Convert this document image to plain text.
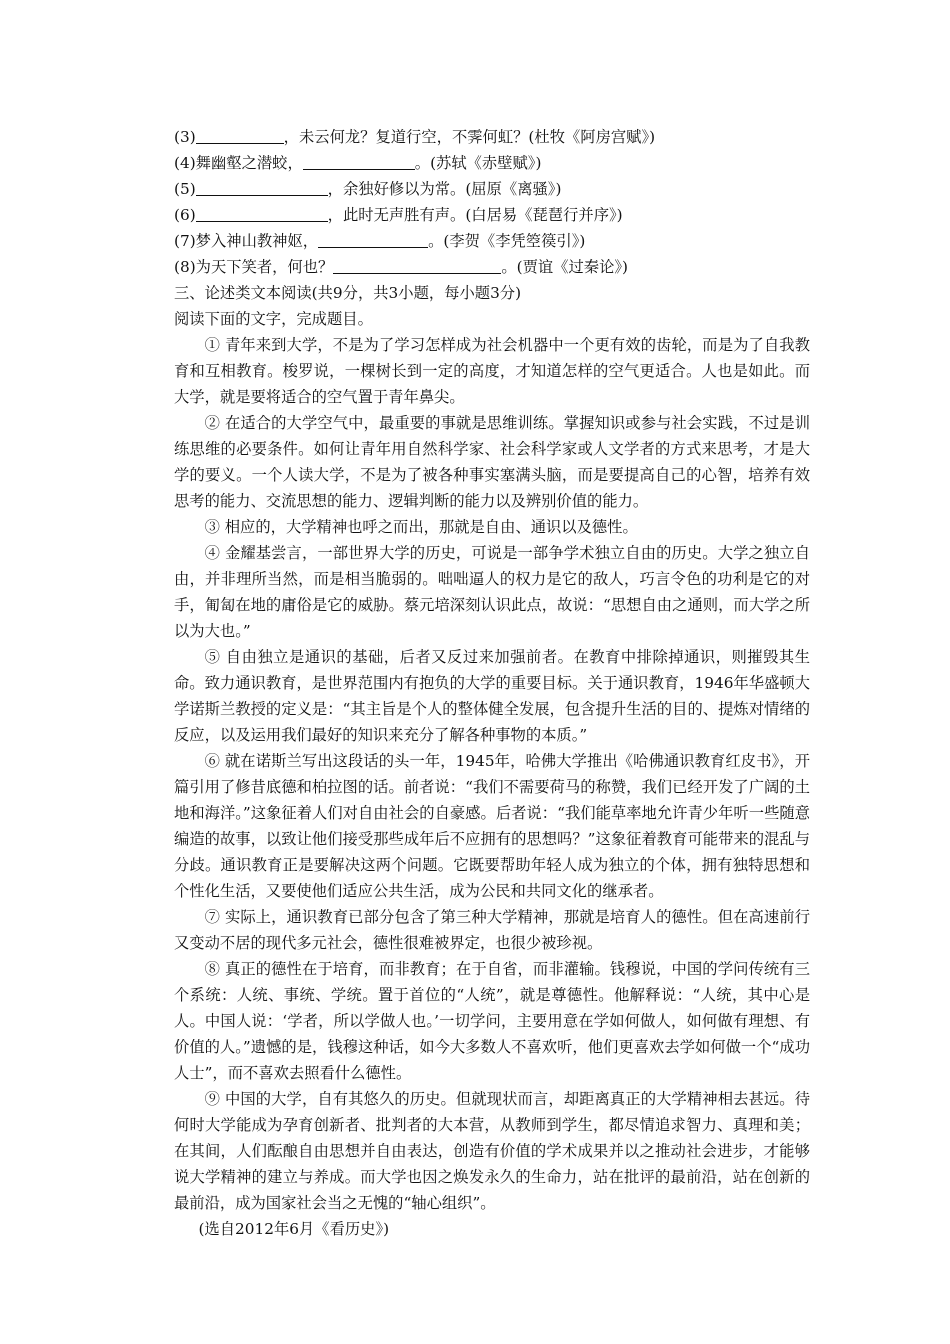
(3)	，未云何龙？复道行空，不霁何虹？(杜牧《阿房宫赋》)

(4)舞幽壑之潜蛟，	。(苏轼《赤壁赋》)

(5)	，余独好修以为常。(屈原《离骚》)

(6)	，此时无声胜有声。(白居易《琵琶行并序》)

(7)梦入神山教神妪，	。(李贺《李凭箜篌引》)

(8)为天下笑者，何也？	。(贾谊《过秦论》)

三、论述类文本阅读(共9分，共3小题，每小题3分)

阅读下面的文字，完成题目。

① 青年来到大学，不是为了学习怎样成为社会机器中一个更有效的齿轮，而是为了自我教育和互相教育。梭罗说，一棵树长到一定的高度，才知道怎样的空气更适合。人也是如此。而大学，就是要将适合的空气置于青年鼻尖。

② 在适合的大学空气中，最重要的事就是思维训练。掌握知识或参与社会实践，不过是训练思维的必要条件。如何让青年用自然科学家、社会科学家或人文学者的方式来思考，才是大学的要义。一个人读大学，不是为了被各种事实塞满头脑，而是要提高自己的心智，培养有效思考的能力、交流思想的能力、逻辑判断的能力以及辨别价值的能力。

③ 相应的，大学精神也呼之而出，那就是自由、通识以及德性。

④ 金耀基尝言，一部世界大学的历史，可说是一部争学术独立自由的历史。大学之独立自由，并非理所当然，而是相当脆弱的。咄咄逼人的权力是它的敌人，巧言令色的功利是它的对手，匍匐在地的庸俗是它的威胁。蔡元培深刻认识此点，故说：“思想自由之通则，而大学之所以为大也。”

⑤ 自由独立是通识的基础，后者又反过来加强前者。在教育中排除掉通识，则摧毁其生命。致力通识教育，是世界范围内有抱负的大学的重要目标。关于通识教育，1946年华盛顿大学诺斯兰教授的定义是：“其主旨是个人的整体健全发展，包含提升生活的目的、提炼对情绪的反应，以及运用我们最好的知识来充分了解各种事物的本质。”

⑥ 就在诺斯兰写出这段话的头一年，1945年，哈佛大学推出《哈佛通识教育红皮书》，开篇引用了修昔底德和柏拉图的话。前者说：“我们不需要荷马的称赞，我们已经开发了广阔的土地和海洋。”这象征着人们对自由社会的自豪感。后者说：“我们能草率地允许青少年听一些随意编造的故事，以致让他们接受那些成年后不应拥有的思想吗？”这象征着教育可能带来的混乱与分歧。通识教育正是要解决这两个问题。它既要帮助年轻人成为独立的个体，拥有独特思想和个性化生活，又要使他们适应公共生活，成为公民和共同文化的继承者。

⑦ 实际上，通识教育已部分包含了第三种大学精神，那就是培育人的德性。但在高速前行又变动不居的现代多元社会，德性很难被界定，也很少被珍视。

⑧ 真正的德性在于培育，而非教育；在于自省，而非灌输。钱穆说，中国的学问传统有三个系统：人统、事统、学统。置于首位的“人统”，就是尊德性。他解释说：“人统，其中心是人。中国人说：‘学者，所以学做人也。’一切学问，主要用意在学如何做人，如何做有理想、有价值的人。”遗憾的是，钱穆这种话，如今大多数人不喜欢听，他们更喜欢去学如何做一个“成功人士”，而不喜欢去照看什么德性。

⑨ 中国的大学，自有其悠久的历史。但就现状而言，却距离真正的大学精神相去甚远。待何时大学能成为孕育创新者、批判者的大本营，从教师到学生，都尽情追求智力、真理和美；在其间，人们酝酿自由思想并自由表达，创造有价值的学术成果并以之推动社会进步，才能够说大学精神的建立与养成。而大学也因之焕发永久的生命力，站在批评的最前沿，站在创新的最前沿，成为国家社会当之无愧的“轴心组织”。

(选自2012年6月《看历史》)
